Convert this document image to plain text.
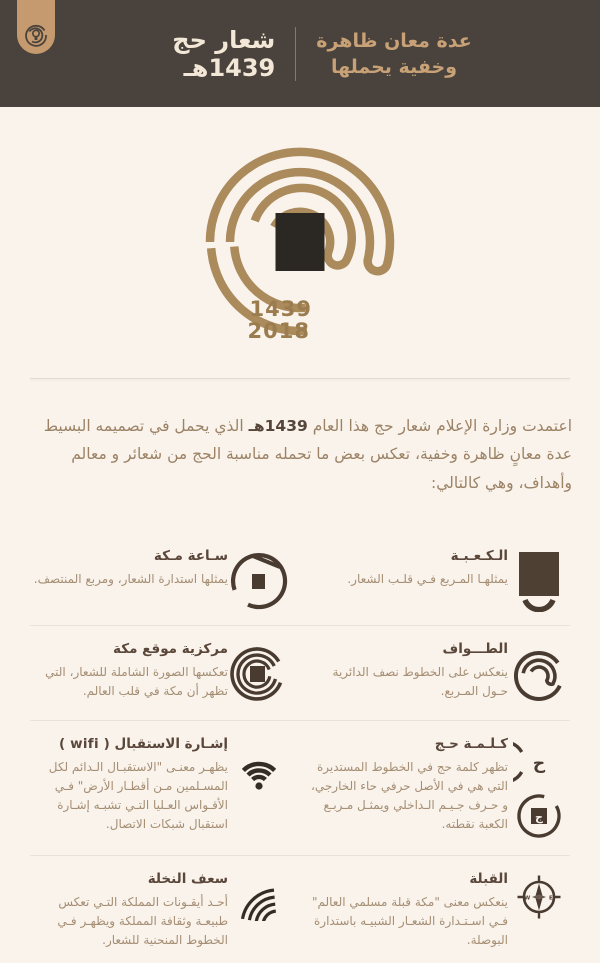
عدة معان ظاهرة
وخفية يحملها
شعار حج
1439هـ
1439
2018

اعتمدت وزارة الإعلام شعار حج هذا العام 1439هـ الذي يحمل في تصميمه البسيط عدة معانٍ ظاهرة وخفية، تعكس بعض ما تحمله مناسبة الحج من شعائر و معالم وأهداف، وهي كالتالي:

الـكـعـبـة

يمثلهـا المـربع فـي قلـب الشعار.

سـاعة مـكة

يمثلها استدارة الشعار، ومربع المنتصف.

الطـــواف

ينعكس على الخطوط نصف الدائرية حـول المـربع.

مركزية موقع مكة

تعكسها الصورة الشاملة للشعار، التي تظهر أن مكة في قلب العالم.

ح
ج
كـلـمـة حـج

تظهر كلمة حج في الخطوط المستديرة التي هي في الأصل حرفي حاء الخارجي، و حـرف جـيـم الـداخلي ويمثـل مـربـع الكعبة نقطته.

إشـارة الاستقبال ( wifi )

يظهـر معنـى "الاستقبـال الـدائم لكل المسـلمين مـن أقطـار الأرض" فـي الأقـواس العـليا التـي تشبـه إشـارة استقبال شبكات الاتصال.

W	E
القبلة

ينعكس معنى "مكة قبلة مسلمي العالم" فـي اسـتـدارة الشعـار الشبيـه باستدارة البوصلة.

سعف النخلة

أحـد أيقـونات المملكة التـي تعكس طبيعـة وثقافة المملكة ويظهـر فـي الخطوط المنحنية للشعار.
